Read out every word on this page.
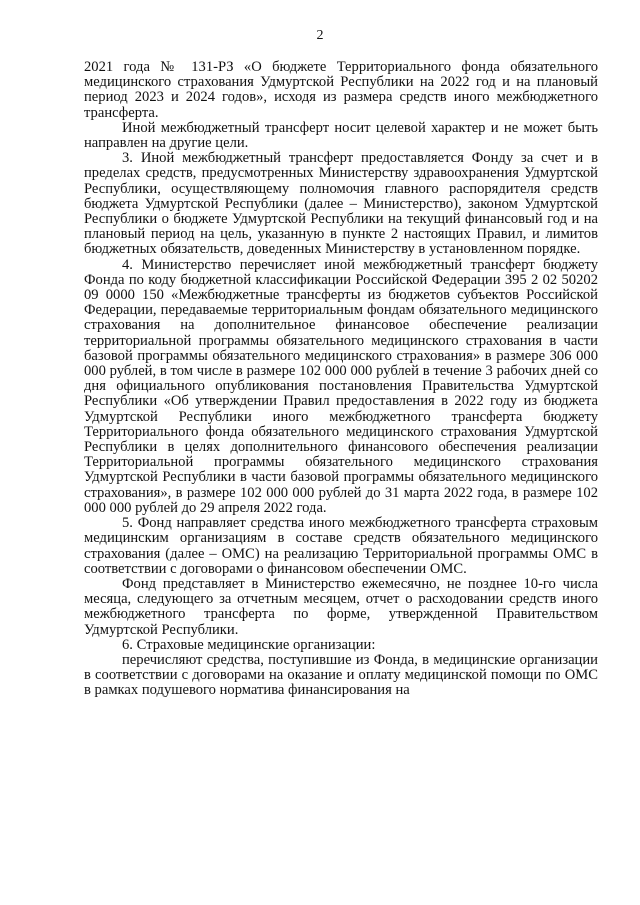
2

2021 года № 131-РЗ «О бюджете Территориального фонда обязательного медицинского страхования Удмуртской Республики на 2022 год и на плановый период 2023 и 2024 годов», исходя из размера средств иного межбюджетного трансферта.

Иной межбюджетный трансферт носит целевой характер и не может быть направлен на другие цели.

3. Иной межбюджетный трансферт предоставляется Фонду за счет и в пределах средств, предусмотренных Министерству здравоохранения Удмуртской Республики, осуществляющему полномочия главного распорядителя средств бюджета Удмуртской Республики (далее – Министерство), законом Удмуртской Республики о бюджете Удмуртской Республики на текущий финансовый год и на плановый период на цель, указанную в пункте 2 настоящих Правил, и лимитов бюджетных обязательств, доведенных Министерству в установленном порядке.

4. Министерство перечисляет иной межбюджетный трансферт бюджету Фонда по коду бюджетной классификации Российской Федерации 395 2 02 50202 09 0000 150 «Межбюджетные трансферты из бюджетов субъектов Российской Федерации, передаваемые территориальным фондам обязательного медицинского страхования на дополнительное финансовое обеспечение реализации территориальной программы обязательного медицинского страхования в части базовой программы обязательного медицинского страхования» в размере 306 000 000 рублей, в том числе в размере 102 000 000 рублей в течение 3 рабочих дней со дня официального опубликования постановления Правительства Удмуртской Республики «Об утверждении Правил предоставления в 2022 году из бюджета Удмуртской Республики иного межбюджетного трансферта бюджету Территориального фонда обязательного медицинского страхования Удмуртской Республики в целях дополнительного финансового обеспечения реализации Территориальной программы обязательного медицинского страхования Удмуртской Республики в части базовой программы обязательного медицинского страхования», в размере 102 000 000 рублей до 31 марта 2022 года, в размере 102 000 000 рублей до 29 апреля 2022 года.

5. Фонд направляет средства иного межбюджетного трансферта страховым медицинским организациям в составе средств обязательного медицинского страхования (далее – ОМС) на реализацию Территориальной программы ОМС в соответствии с договорами о финансовом обеспечении ОМС.

Фонд представляет в Министерство ежемесячно, не позднее 10-го числа месяца, следующего за отчетным месяцем, отчет о расходовании средств иного межбюджетного трансферта по форме, утвержденной Правительством Удмуртской Республики.

6. Страховые медицинские организации:

перечисляют средства, поступившие из Фонда, в медицинские организации в соответствии с договорами на оказание и оплату медицинской помощи по ОМС в рамках подушевого норматива финансирования на
